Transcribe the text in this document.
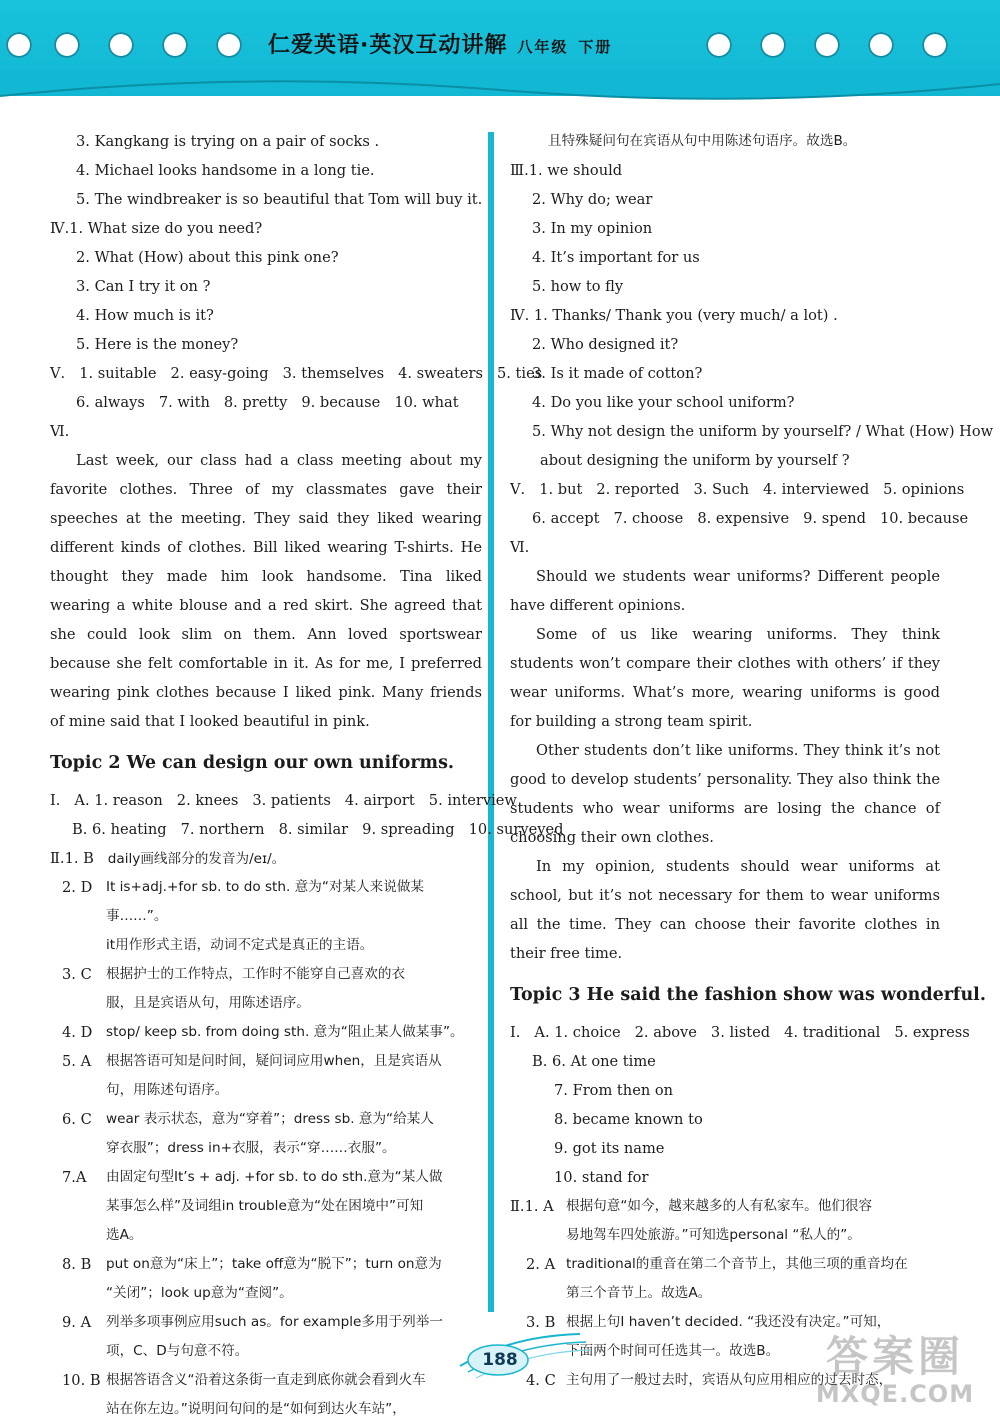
仁爱英语·英汉互动讲解 八年级 下册
3. Kangkang is trying on a pair of socks .
4. Michael looks handsome in a long tie.
5. The windbreaker is so beautiful that Tom will buy it.
Ⅳ.1. What size do you need?
2. What (How) about this pink one?
3. Can I try it on ?
4. How much is it?
5. Here is the money?
Ⅴ. 1. suitable 2. easy-going 3. themselves 4. sweaters 5. ties
6. always 7. with 8. pretty 9. because 10. what
Ⅵ.

Last week, our class had a class meeting about my favorite clothes. Three of my classmates gave their speeches at the meeting. They said they liked wearing different kinds of clothes. Bill liked wearing T-shirts. He thought they made him look handsome. Tina liked wearing a white blouse and a red skirt. She agreed that she could look slim on them. Ann loved sportswear because she felt comfortable in it. As for me, I preferred wearing pink clothes because I liked pink. Many friends of mine said that I looked beautiful in pink.

Topic 2 We can design our own uniforms.
Ⅰ. A. 1. reason 2. knees 3. patients 4. airport 5. interview
B. 6. heating 7. northern 8. similar 9. spreading 10. surveyed
Ⅱ.1. B daily画线部分的发音为/eɪ/。
2. D	It is+adj.+for sb. to do sth. 意为“对某人来说做某事……”。
it用作形式主语，动词不定式是真正的主语。
3. C	根据护士的工作特点，工作时不能穿自己喜欢的衣
服，且是宾语从句，用陈述语序。
4. D	stop/ keep sb. from doing sth. 意为“阻止某人做某事”。
5. A	根据答语可知是问时间，疑问词应用when，且是宾语从
句，用陈述句语序。
6. C	wear 表示状态，意为“穿着”；dress sb. 意为“给某人
穿衣服”；dress in+衣服，表示“穿……衣服”。
7.A	由固定句型It’s + adj. +for sb. to do sth.意为“某人做
某事怎么样”及词组in trouble意为“处在困境中”可知
选A。
8. B	put on意为“床上”；take off意为“脱下”；turn on意为
“关闭”；look up意为“查阅”。
9. A	列举多项事例应用such as。for example多用于列举一
项，C、D与句意不符。
10. B 根据答语含义“沿着这条街一直走到底你就会看到火车
站在你左边。”说明问句问的是“如何到达火车站”，
且特殊疑问句在宾语从句中用陈述句语序。故选B。
Ⅲ.1. we should
2. Why do; wear
3. In my opinion
4. It’s important for us
5. how to fly
Ⅳ. 1. Thanks/ Thank you (very much/ a lot) .
2. Who designed it?
3. Is it made of cotton?
4. Do you like your school uniform?
5. Why not design the uniform by yourself? / What (How) How
about designing the uniform by yourself ?
Ⅴ. 1. but 2. reported 3. Such 4. interviewed 5. opinions
6. accept 7. choose 8. expensive 9. spend 10. because
Ⅵ.

Should we students wear uniforms? Different people have different opinions.

Some of us like wearing uniforms. They think students won’t compare their clothes with others’ if they wear uniforms. What’s more, wearing uniforms is good for building a strong team spirit.

Other students don’t like uniforms. They think it’s not good to develop students’ personality. They also think the students who wear uniforms are losing the chance of choosing their own clothes.

In my opinion, students should wear uniforms at school, but it’s not necessary for them to wear uniforms all the time. They can choose their favorite clothes in their free time.

Topic 3 He said the fashion show was wonderful.
Ⅰ. A. 1. choice 2. above 3. listed 4. traditional 5. express
B. 6. At one time
7. From then on
8. became known to
9. got its name
10. stand for
Ⅱ.1. A 根据句意“如今，越来越多的人有私家车。他们很容
易地驾车四处旅游。”可知选personal “私人的”。
2. A traditional的重音在第二个音节上，其他三项的重音均在
第三个音节上。故选A。
3. B 根据上句I haven’t decided. “我还没有决定。”可知，
下面两个时间可任选其一。故选B。
4. C 主句用了一般过去时，宾语从句应用相应的过去时态，
188	答案圈
MXQE.COM
